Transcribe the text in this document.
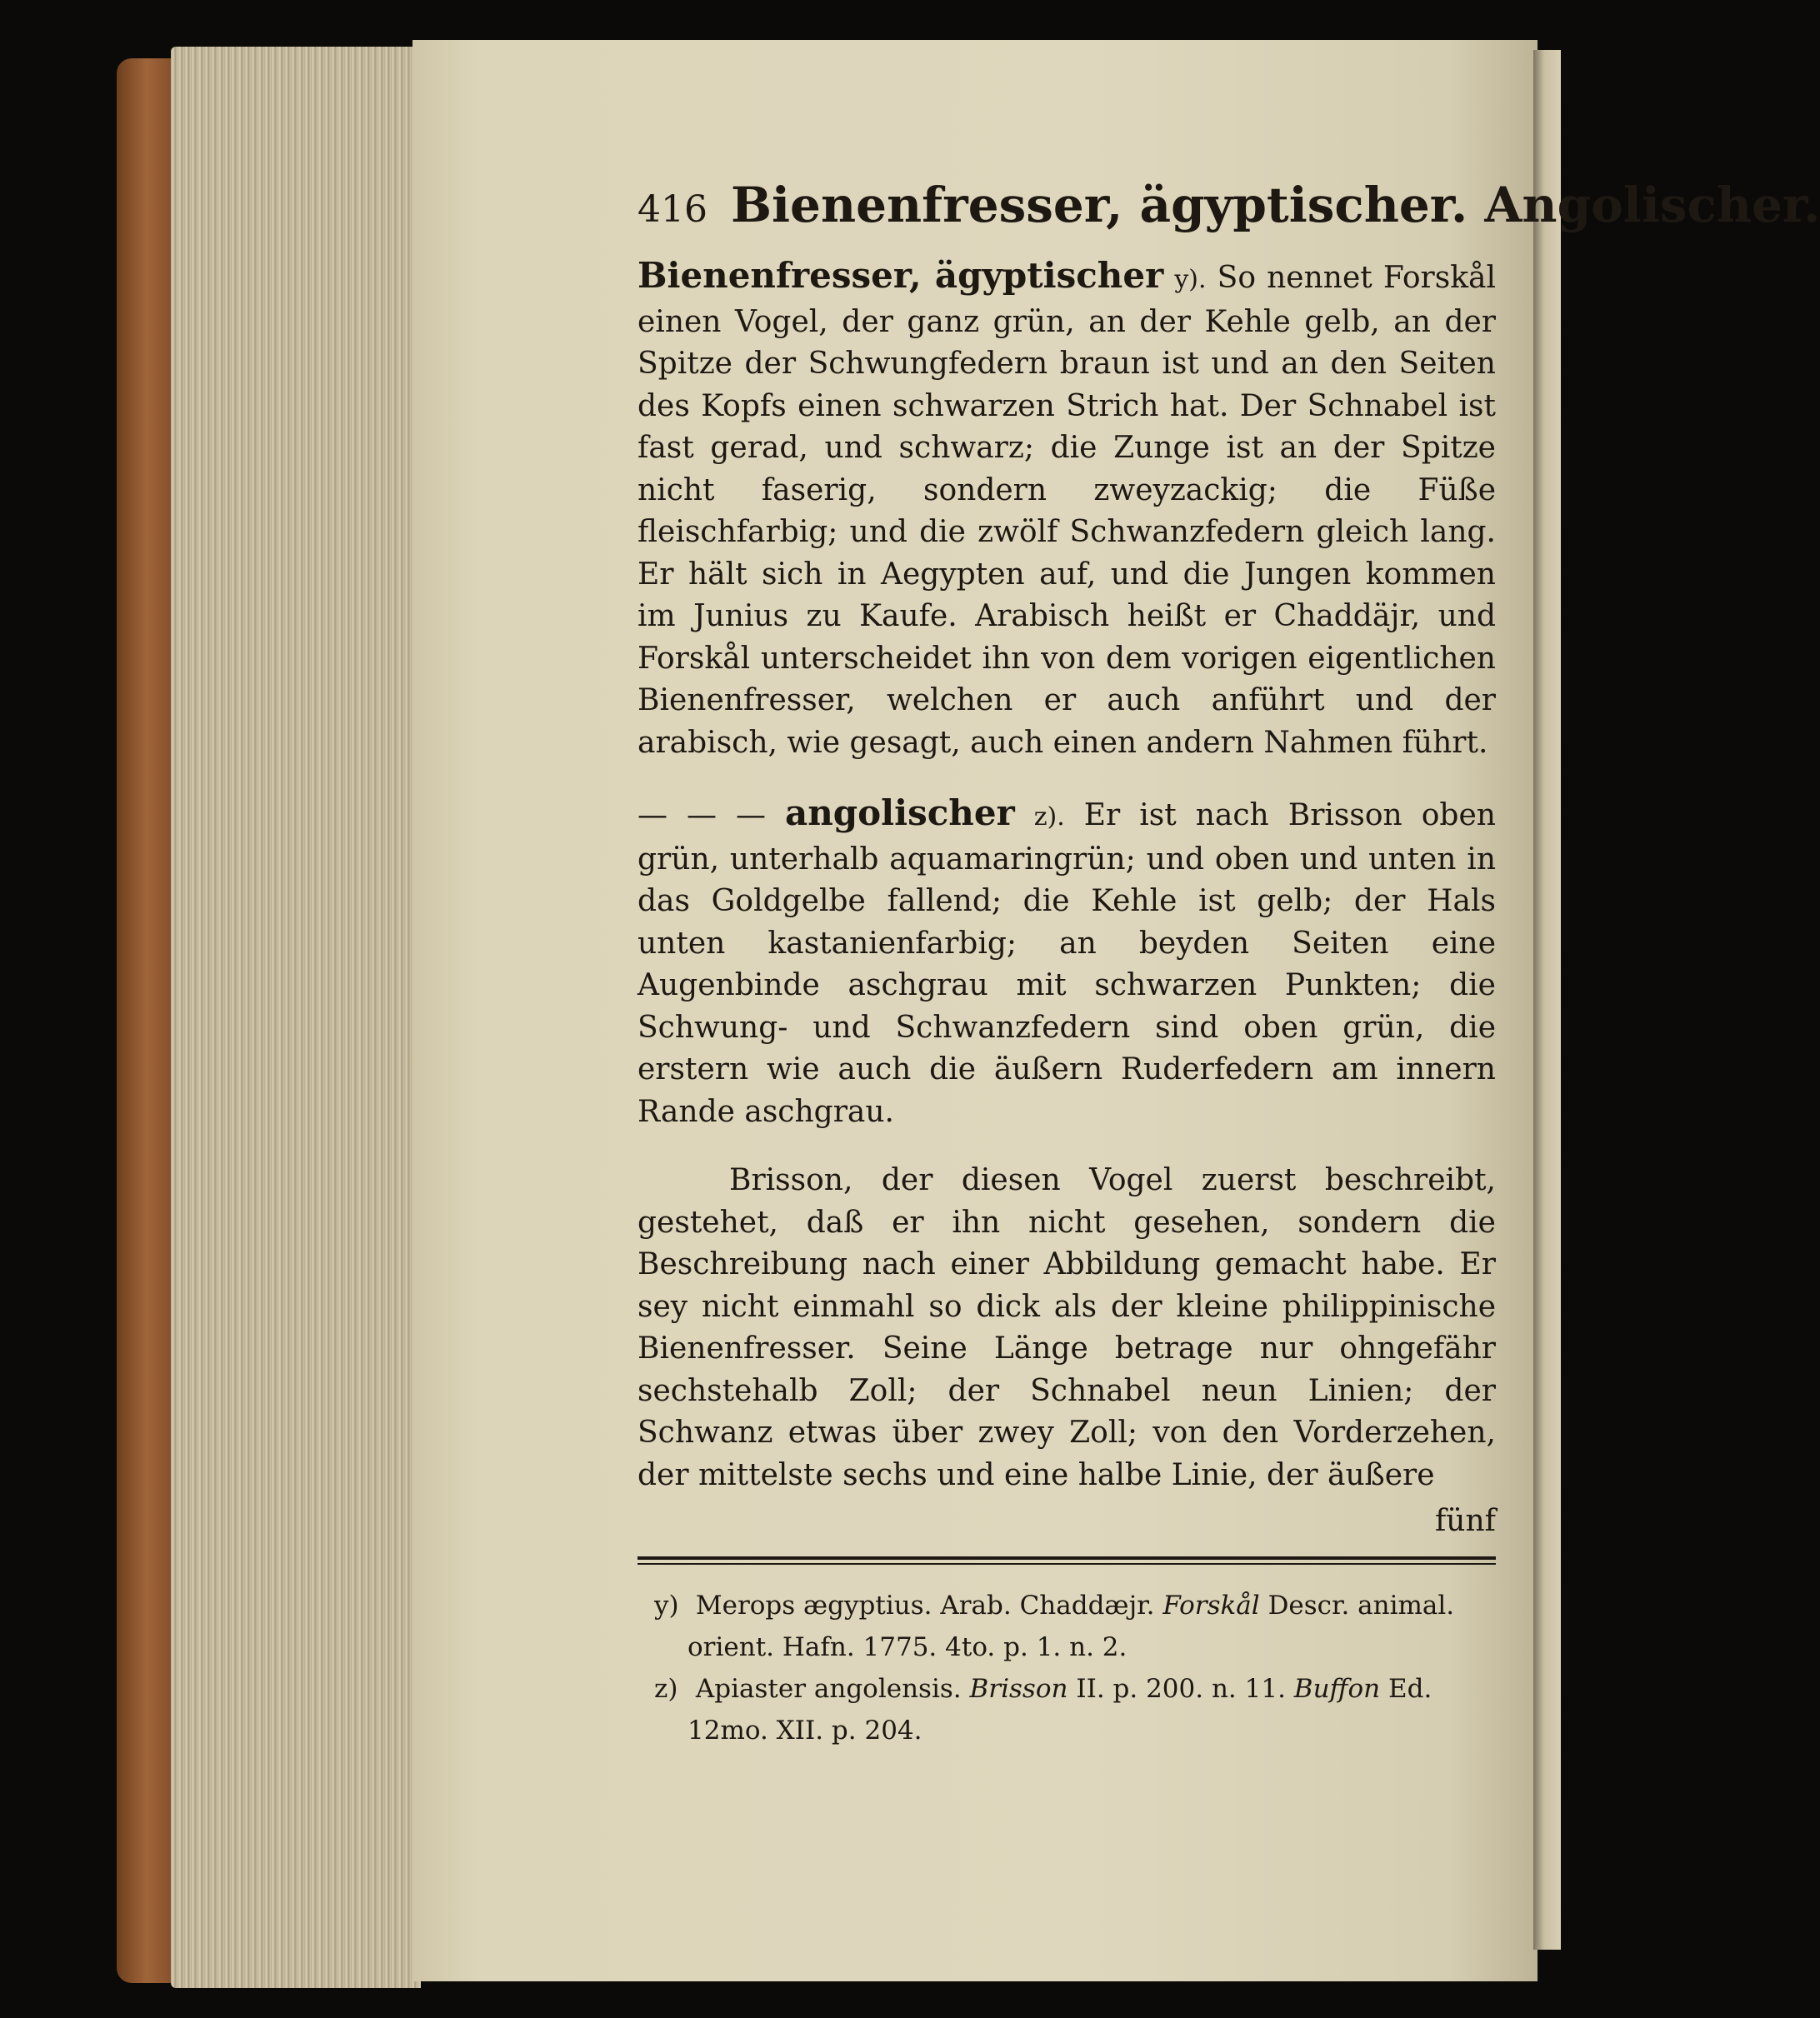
416 Bienenfresser, ägyptischer. Angolischer.

Bienenfresser, ägyptischer y). So nennet Forskål einen Vogel, der ganz grün, an der Kehle gelb, an der Spitze der Schwungfedern braun ist und an den Seiten des Kopfs einen schwarzen Strich hat. Der Schnabel ist fast gerad, und schwarz; die Zunge ist an der Spitze nicht faserig, sondern zweyzackig; die Füße fleischfarbig; und die zwölf Schwanzfedern gleich lang. Er hält sich in Aegypten auf, und die Jungen kommen im Junius zu Kaufe. Arabisch heißt er Chaddäjr, und Forskål unterscheidet ihn von dem vorigen eigentlichen Bienenfresser, welchen er auch anführt und der arabisch, wie gesagt, auch einen andern Nahmen führt.

— — — angolischer z). Er ist nach Brisson oben grün, unterhalb aquamaringrün; und oben und unten in das Goldgelbe fallend; die Kehle ist gelb; der Hals unten kastanienfarbig; an beyden Seiten eine Augenbinde aschgrau mit schwarzen Punkten; die Schwung- und Schwanzfedern sind oben grün, die erstern wie auch die äußern Ruderfedern am innern Rande aschgrau.

Brisson, der diesen Vogel zuerst beschreibt, gestehet, daß er ihn nicht gesehen, sondern die Beschreibung nach einer Abbildung gemacht habe. Er sey nicht einmahl so dick als der kleine philippinische Bienenfresser. Seine Länge betrage nur ohngefähr sechstehalb Zoll; der Schnabel neun Linien; der Schwanz etwas über zwey Zoll; von den Vorderzehen, der mittelste sechs und eine halbe Linie, der äußere

fünf

y) Merops ægyptius. Arab. Chaddæjr. Forskål Descr. animal. orient. Hafn. 1775. 4to. p. 1. n. 2.

z) Apiaster angolensis. Brisson II. p. 200. n. 11. Buffon Ed. 12mo. XII. p. 204.
